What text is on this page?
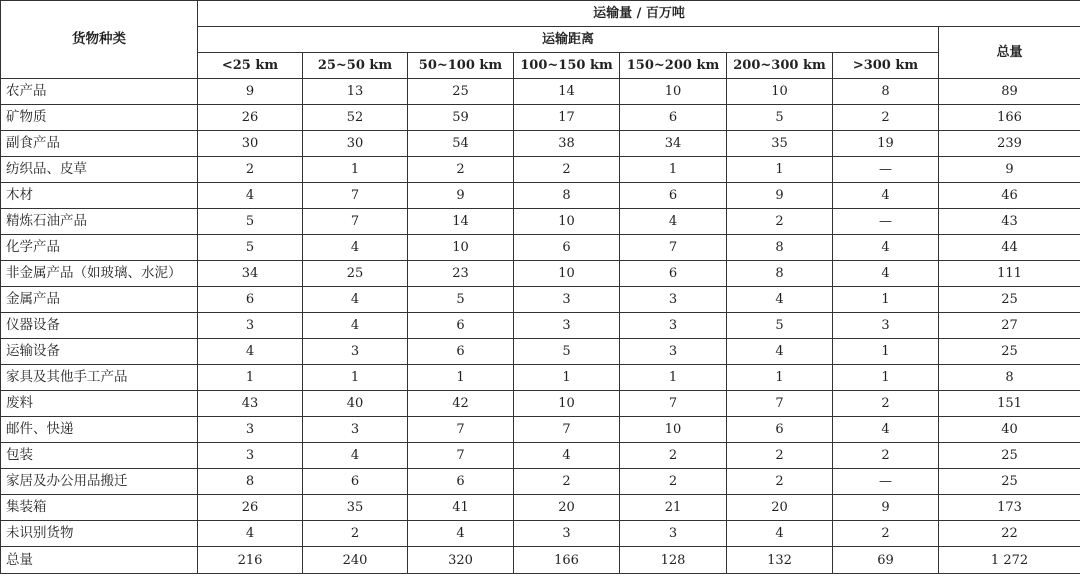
货物种类	运输量 / 百万吨							
	运输距离							总量
	<25 km	25~50 km	50~100 km	100~150 km	150~200 km	200~300 km	>300 km	
农产品	9	13	25	14	10	10	8	89
矿物质	26	52	59	17	6	5	2	166
副食产品	30	30	54	38	34	35	19	239
纺织品、皮草	2	1	2	2	1	1	—	9
木材	4	7	9	8	6	9	4	46
精炼石油产品	5	7	14	10	4	2	—	43
化学产品	5	4	10	6	7	8	4	44
非金属产品（如玻璃、水泥）	34	25	23	10	6	8	4	111
金属产品	6	4	5	3	3	4	1	25
仪器设备	3	4	6	3	3	5	3	27
运输设备	4	3	6	5	3	4	1	25
家具及其他手工产品	1	1	1	1	1	1	1	8
废料	43	40	42	10	7	7	2	151
邮件、快递	3	3	7	7	10	6	4	40
包装	3	4	7	4	2	2	2	25
家居及办公用品搬迁	8	6	6	2	2	2	—	25
集装箱	26	35	41	20	21	20	9	173
未识别货物	4	2	4	3	3	4	2	22
总量	216	240	320	166	128	132	69	1 272
